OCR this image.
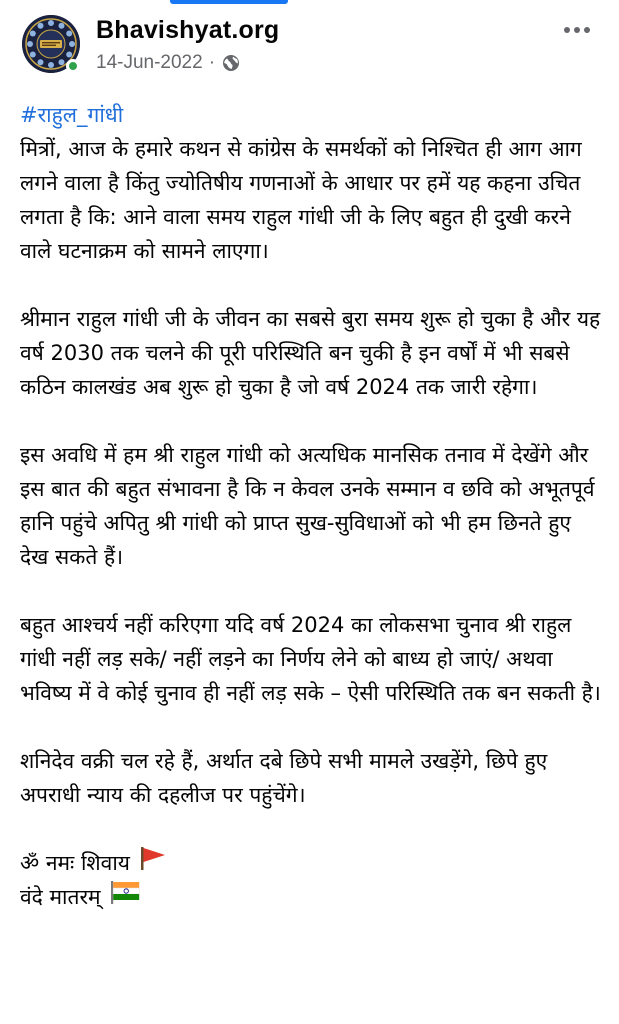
Bhavishyat.org
14-Jun-2022 ·
#राहुल_गांधी

मित्रों, आज के हमारे कथन से कांग्रेस के समर्थकों को निश्चित ही आग आग लगने वाला है किंतु ज्योतिषीय गणनाओं के आधार पर हमें यह कहना उचित लगता है कि: आने वाला समय राहुल गांधी जी के लिए बहुत ही दुखी करने वाले घटनाक्रम को सामने लाएगा।

श्रीमान राहुल गांधी जी के जीवन का सबसे बुरा समय शुरू हो चुका है और यह वर्ष 2030 तक चलने की पूरी परिस्थिति बन चुकी है इन वर्षों में भी सबसे कठिन कालखंड अब शुरू हो चुका है जो वर्ष 2024 तक जारी रहेगा।

इस अवधि में हम श्री राहुल गांधी को अत्यधिक मानसिक तनाव में देखेंगे और इस बात की बहुत संभावना है कि न केवल उनके सम्मान व छवि को अभूतपूर्व हानि पहुंचे अपितु श्री गांधी को प्राप्त सुख-सुविधाओं को भी हम छिनते हुए देख सकते हैं।

बहुत आश्चर्य नहीं करिएगा यदि वर्ष 2024 का लोकसभा चुनाव श्री राहुल गांधी नहीं लड़ सके/ नहीं लड़ने का निर्णय लेने को बाध्य हो जाएं/ अथवा भविष्य में वे कोई चुनाव ही नहीं लड़ सके – ऐसी परिस्थिति तक बन सकती है।

शनिदेव वक्री चल रहे हैं, अर्थात दबे छिपे सभी मामले उखड़ेंगे, छिपे हुए अपराधी न्याय की दहलीज पर पहुंचेंगे।

ॐ नमः शिवाय
वंदे मातरम्
